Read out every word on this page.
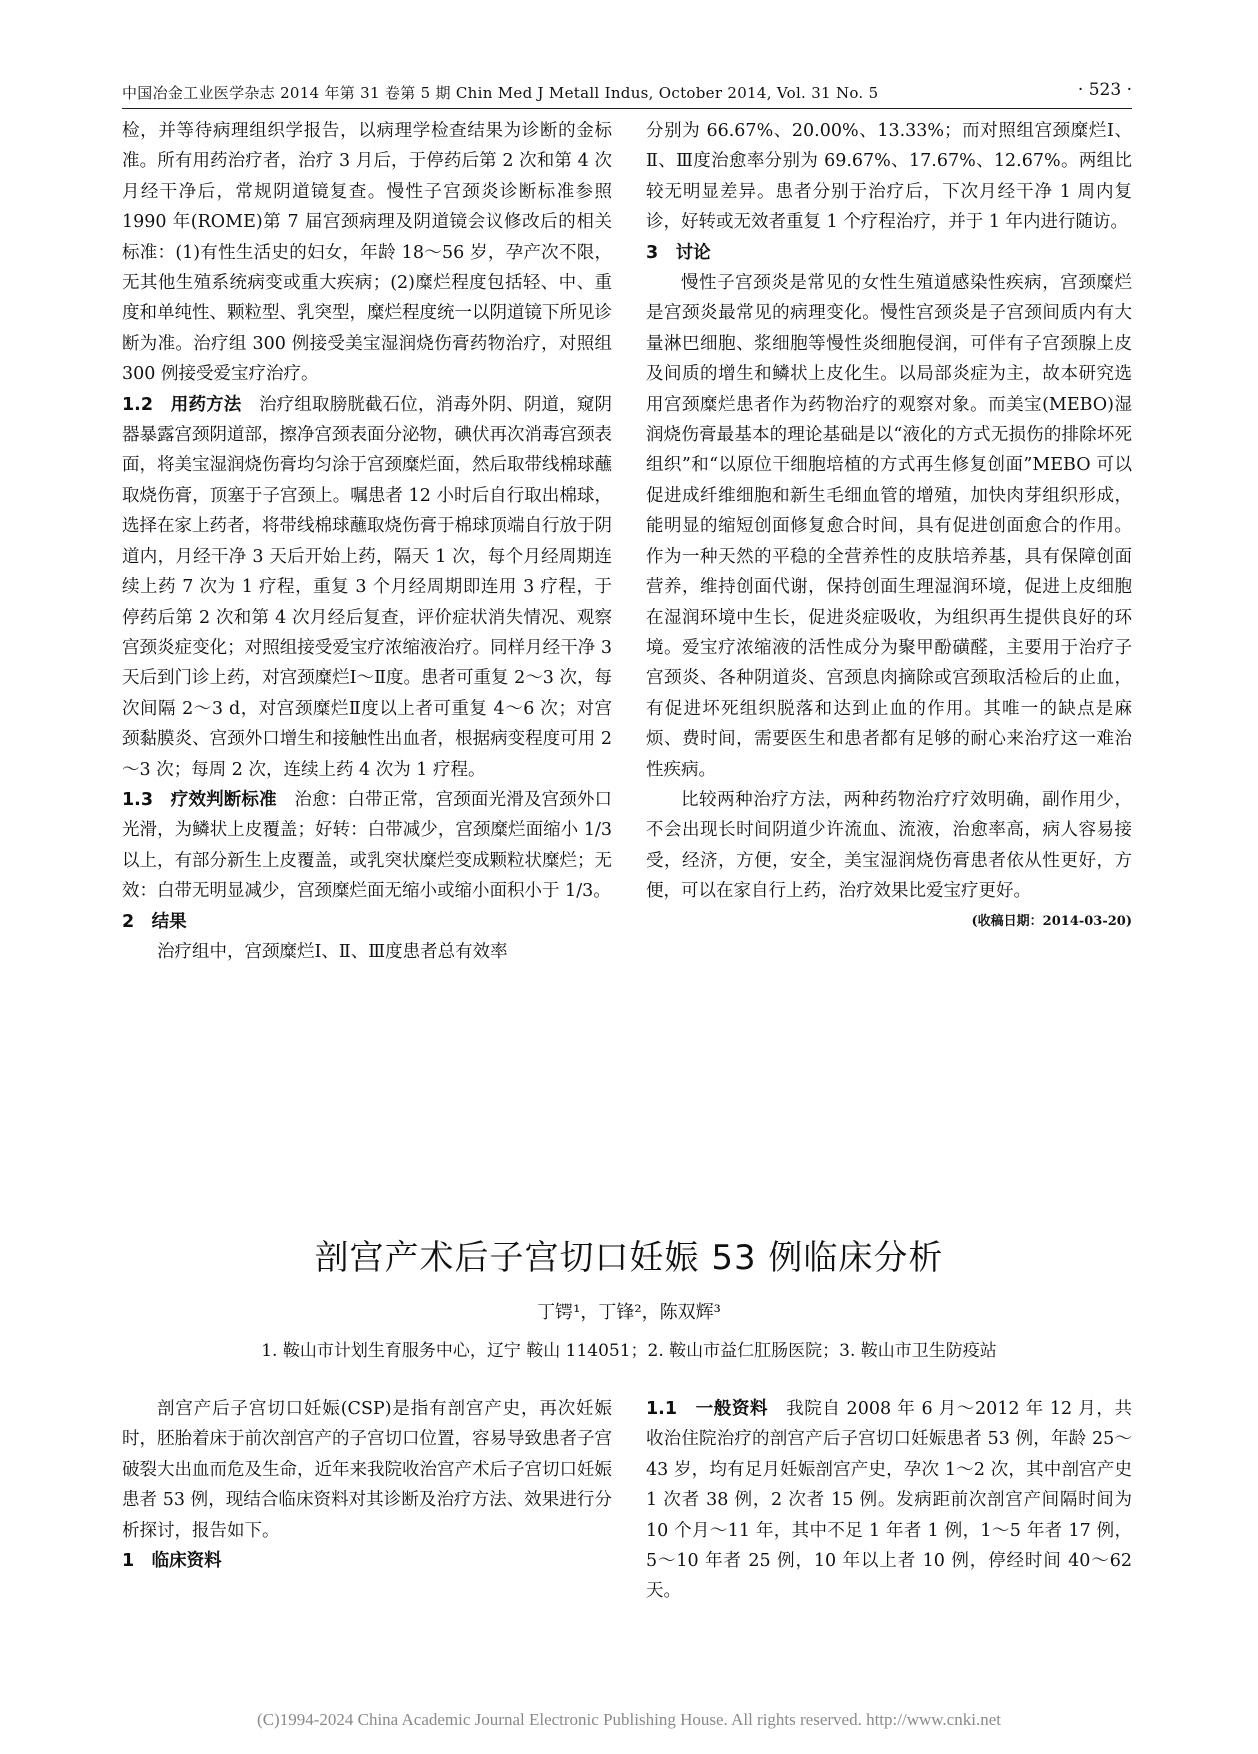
中国冶金工业医学杂志 2014 年第 31 卷第 5 期 Chin Med J Metall Indus, October 2014, Vol. 31 No. 5	· 523 ·

检，并等待病理组织学报告，以病理学检查结果为诊断的金标准。所有用药治疗者，治疗 3 月后，于停药后第 2 次和第 4 次月经干净后，常规阴道镜复查。慢性子宫颈炎诊断标准参照 1990 年(ROME)第 7 届宫颈病理及阴道镜会议修改后的相关标准：(1)有性生活史的妇女，年龄 18～56 岁，孕产次不限，无其他生殖系统病变或重大疾病；(2)糜烂程度包括轻、中、重度和单纯性、颗粒型、乳突型，糜烂程度统一以阴道镜下所见诊断为准。治疗组 300 例接受美宝湿润烧伤膏药物治疗，对照组 300 例接受爱宝疗治疗。

1.2　用药方法　治疗组取膀胱截石位，消毒外阴、阴道，窥阴器暴露宫颈阴道部，擦净宫颈表面分泌物，碘伏再次消毒宫颈表面，将美宝湿润烧伤膏均匀涂于宫颈糜烂面，然后取带线棉球蘸取烧伤膏，顶塞于子宫颈上。嘱患者 12 小时后自行取出棉球，选择在家上药者，将带线棉球蘸取烧伤膏于棉球顶端自行放于阴道内，月经干净 3 天后开始上药，隔天 1 次，每个月经周期连续上药 7 次为 1 疗程，重复 3 个月经周期即连用 3 疗程，于停药后第 2 次和第 4 次月经后复查，评价症状消失情况、观察宫颈炎症变化；对照组接受爱宝疗浓缩液治疗。同样月经干净 3 天后到门诊上药，对宫颈糜烂Ⅰ～Ⅱ度。患者可重复 2～3 次，每次间隔 2～3 d，对宫颈糜烂Ⅱ度以上者可重复 4～6 次；对宫颈黏膜炎、宫颈外口增生和接触性出血者，根据病变程度可用 2～3 次；每周 2 次，连续上药 4 次为 1 疗程。

1.3　疗效判断标准　治愈：白带正常，宫颈面光滑及宫颈外口光滑，为鳞状上皮覆盖；好转：白带减少，宫颈糜烂面缩小 1/3 以上，有部分新生上皮覆盖，或乳突状糜烂变成颗粒状糜烂；无效：白带无明显减少，宫颈糜烂面无缩小或缩小面积小于 1/3。

2　结果

治疗组中，宫颈糜烂Ⅰ、Ⅱ、Ⅲ度患者总有效率

分别为 66.67%、20.00%、13.33%；而对照组宫颈糜烂Ⅰ、Ⅱ、Ⅲ度治愈率分别为 69.67%、17.67%、12.67%。两组比较无明显差异。患者分别于治疗后，下次月经干净 1 周内复诊，好转或无效者重复 1 个疗程治疗，并于 1 年内进行随访。

3　讨论

慢性子宫颈炎是常见的女性生殖道感染性疾病，宫颈糜烂是宫颈炎最常见的病理变化。慢性宫颈炎是子宫颈间质内有大量淋巴细胞、浆细胞等慢性炎细胞侵润，可伴有子宫颈腺上皮及间质的增生和鳞状上皮化生。以局部炎症为主，故本研究选用宫颈糜烂患者作为药物治疗的观察对象。而美宝(MEBO)湿润烧伤膏最基本的理论基础是以“液化的方式无损伤的排除坏死组织”和“以原位干细胞培植的方式再生修复创面”MEBO 可以促进成纤维细胞和新生毛细血管的增殖，加快肉芽组织形成，能明显的缩短创面修复愈合时间，具有促进创面愈合的作用。作为一种天然的平稳的全营养性的皮肤培养基，具有保障创面营养，维持创面代谢，保持创面生理湿润环境，促进上皮细胞在湿润环境中生长，促进炎症吸收，为组织再生提供良好的环境。爱宝疗浓缩液的活性成分为聚甲酚磺醛，主要用于治疗子宫颈炎、各种阴道炎、宫颈息肉摘除或宫颈取活检后的止血，有促进坏死组织脱落和达到止血的作用。其唯一的缺点是麻烦、费时间，需要医生和患者都有足够的耐心来治疗这一难治性疾病。

比较两种治疗方法，两种药物治疗疗效明确，副作用少，不会出现长时间阴道少许流血、流液，治愈率高，病人容易接受，经济，方便，安全，美宝湿润烧伤膏患者依从性更好，方便，可以在家自行上药，治疗效果比爱宝疗更好。

(收稿日期：2014-03-20)

剖宫产术后子宫切口妊娠 53 例临床分析
丁锷¹，丁锋²，陈双辉³
1. 鞍山市计划生育服务中心，辽宁 鞍山 114051；2. 鞍山市益仁肛肠医院；3. 鞍山市卫生防疫站

剖宫产后子宫切口妊娠(CSP)是指有剖宫产史，再次妊娠时，胚胎着床于前次剖宫产的子宫切口位置，容易导致患者子宫破裂大出血而危及生命，近年来我院收治宫产术后子宫切口妊娠患者 53 例，现结合临床资料对其诊断及治疗方法、效果进行分析探讨，报告如下。

1　临床资料

1.1　一般资料　我院自 2008 年 6 月～2012 年 12 月，共收治住院治疗的剖宫产后子宫切口妊娠患者 53 例，年龄 25～43 岁，均有足月妊娠剖宫产史，孕次 1～2 次，其中剖宫产史 1 次者 38 例，2 次者 15 例。发病距前次剖宫产间隔时间为 10 个月～11 年，其中不足 1 年者 1 例，1～5 年者 17 例，5～10 年者 25 例，10 年以上者 10 例，停经时间 40～62 天。

(C)1994-2024 China Academic Journal Electronic Publishing House. All rights reserved. http://www.cnki.net
